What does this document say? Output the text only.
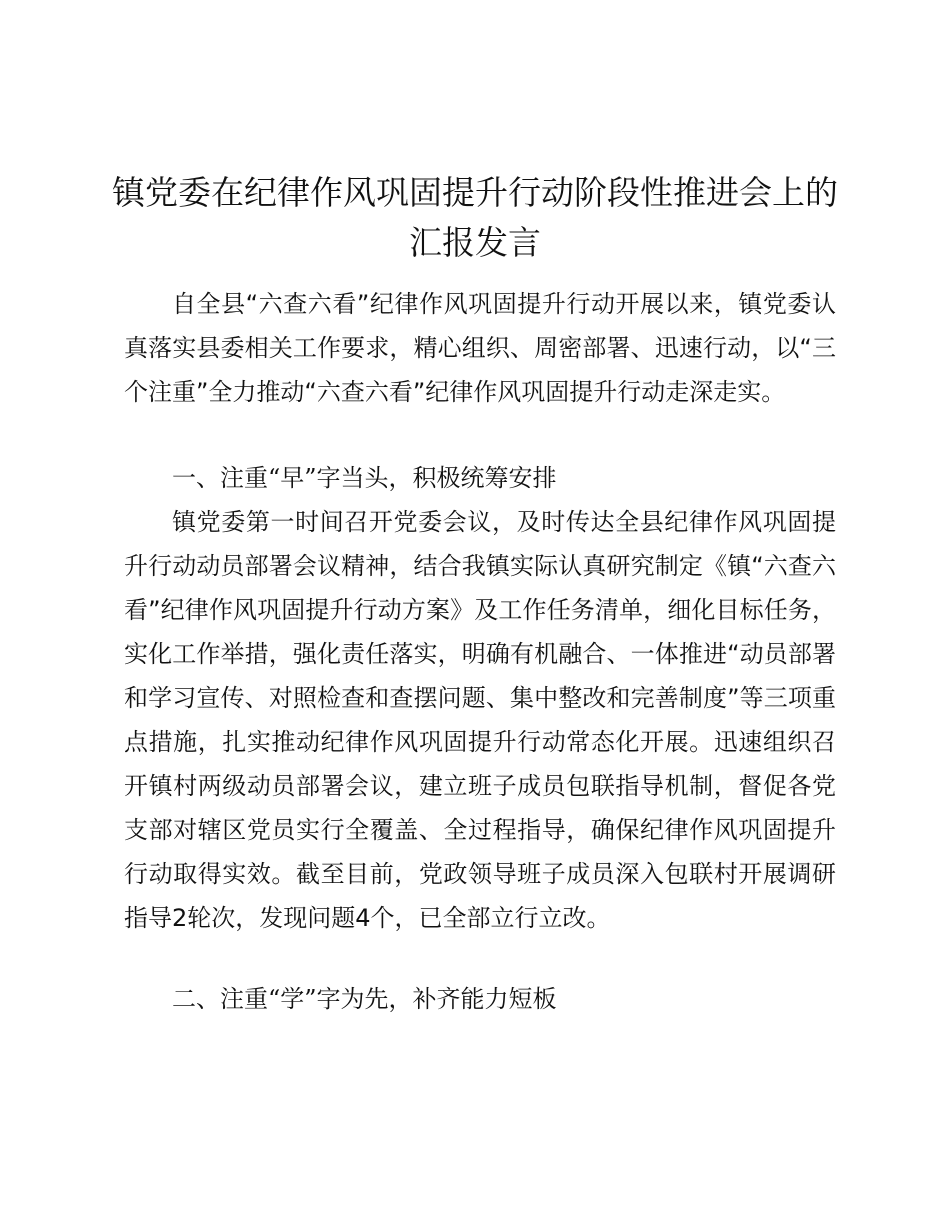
镇党委在纪律作风巩固提升行动阶段性推进会上的汇报发言

自全县“六查六看”纪律作风巩固提升行动开展以来，镇党委认真落实县委相关工作要求，精心组织、周密部署、迅速行动，以“三个注重”全力推动“六查六看”纪律作风巩固提升行动走深走实。

一、注重“早”字当头，积极统筹安排

镇党委第一时间召开党委会议，及时传达全县纪律作风巩固提升行动动员部署会议精神，结合我镇实际认真研究制定《镇“六查六看”纪律作风巩固提升行动方案》及工作任务清单，细化目标任务，实化工作举措，强化责任落实，明确有机融合、一体推进“动员部署和学习宣传、对照检查和查摆问题、集中整改和完善制度”等三项重点措施，扎实推动纪律作风巩固提升行动常态化开展。迅速组织召开镇村两级动员部署会议，建立班子成员包联指导机制，督促各党支部对辖区党员实行全覆盖、全过程指导，确保纪律作风巩固提升行动取得实效。截至目前，党政领导班子成员深入包联村开展调研指导2轮次，发现问题4个，已全部立行立改。

二、注重“学”字为先，补齐能力短板
